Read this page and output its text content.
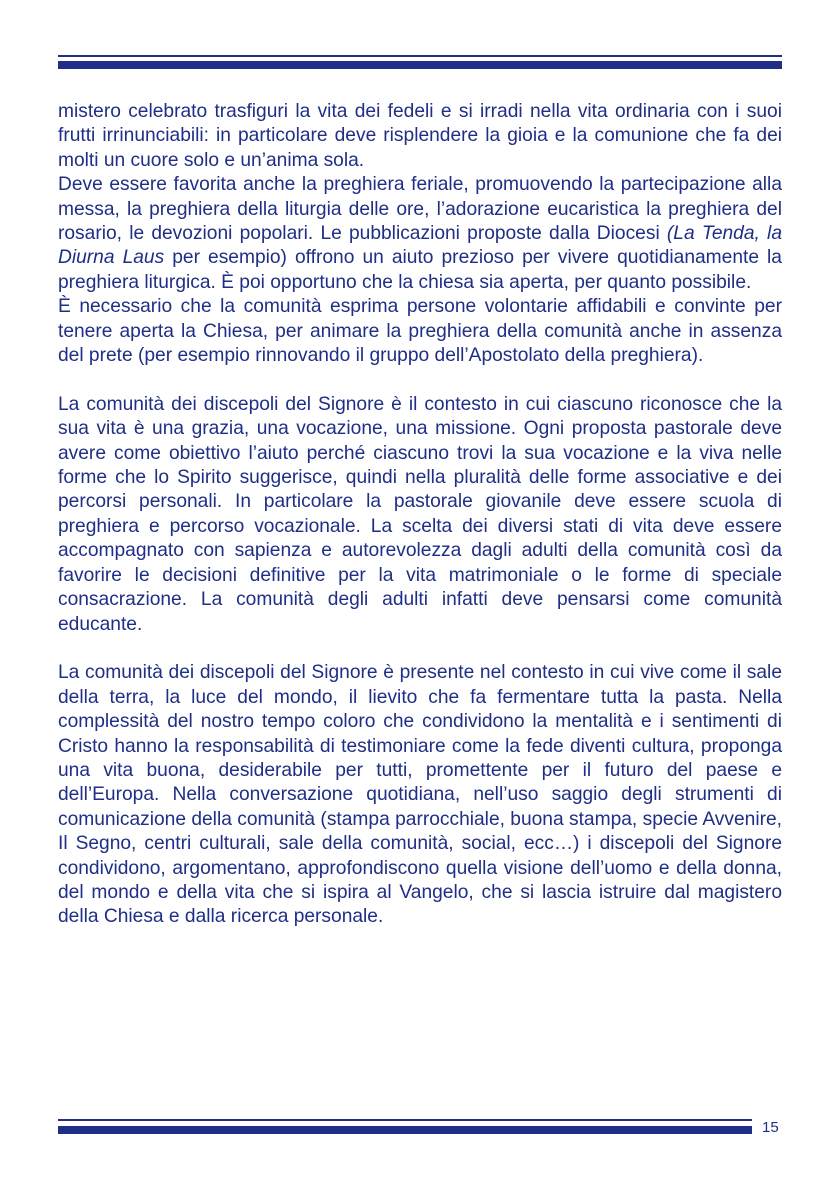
mistero celebrato trasfiguri la vita dei fedeli e si irradi nella vita ordinaria con i suoi frutti irrinunciabili: in particolare deve risplendere la gioia e la comunione che fa dei molti un cuore solo e un’anima sola.

Deve essere favorita anche la preghiera feriale, promuovendo la partecipazione alla messa, la preghiera della liturgia delle ore, l’adorazione eucaristica la preghiera del rosario, le devozioni popolari. Le pubblicazioni proposte dalla Diocesi (La Tenda, la Diurna Laus per esempio) offrono un aiuto prezioso per vivere quotidianamente la preghiera liturgica. È poi opportuno che la chiesa sia aperta, per quanto possibile.

È necessario che la comunità esprima persone volontarie affidabili e convinte per tenere aperta la Chiesa, per animare la preghiera della comunità anche in assenza del prete (per esempio rinnovando il gruppo dell’Apostolato della preghiera).

La comunità dei discepoli del Signore è il contesto in cui ciascuno riconosce che la sua vita è una grazia, una vocazione, una missione. Ogni proposta pastorale deve avere come obiettivo l’aiuto perché ciascuno trovi la sua vocazione e la viva nelle forme che lo Spirito suggerisce, quindi nella pluralità delle forme associative e dei percorsi personali. In particolare la pastorale giovanile deve essere scuola di preghiera e percorso vocazionale. La scelta dei diversi stati di vita deve essere accompagnato con sapienza e autorevolezza dagli adulti della comunità così da favorire le decisioni definitive per la vita matrimoniale o le forme di speciale consacrazione. La comunità degli adulti infatti deve pensarsi come comunità educante.

La comunità dei discepoli del Signore è presente nel contesto in cui vive come il sale della terra, la luce del mondo, il lievito che fa fermentare tutta la pasta. Nella complessità del nostro tempo coloro che condividono la mentalità e i sentimenti di Cristo hanno la responsabilità di testimoniare come la fede diventi cultura, proponga una vita buona, desiderabile per tutti, promettente per il futuro del paese e dell’Europa. Nella conversazione quotidiana, nell’uso saggio degli strumenti di comunicazione della comunità (stampa parrocchiale, buona stampa, specie Avvenire, Il Segno, centri culturali, sale della comunità, social, ecc…) i discepoli del Signore condividono, argomentano, approfondiscono quella visione dell’uomo e della donna, del mondo e della vita che si ispira al Vangelo, che si lascia istruire dal magistero della Chiesa e dalla ricerca personale.

15
